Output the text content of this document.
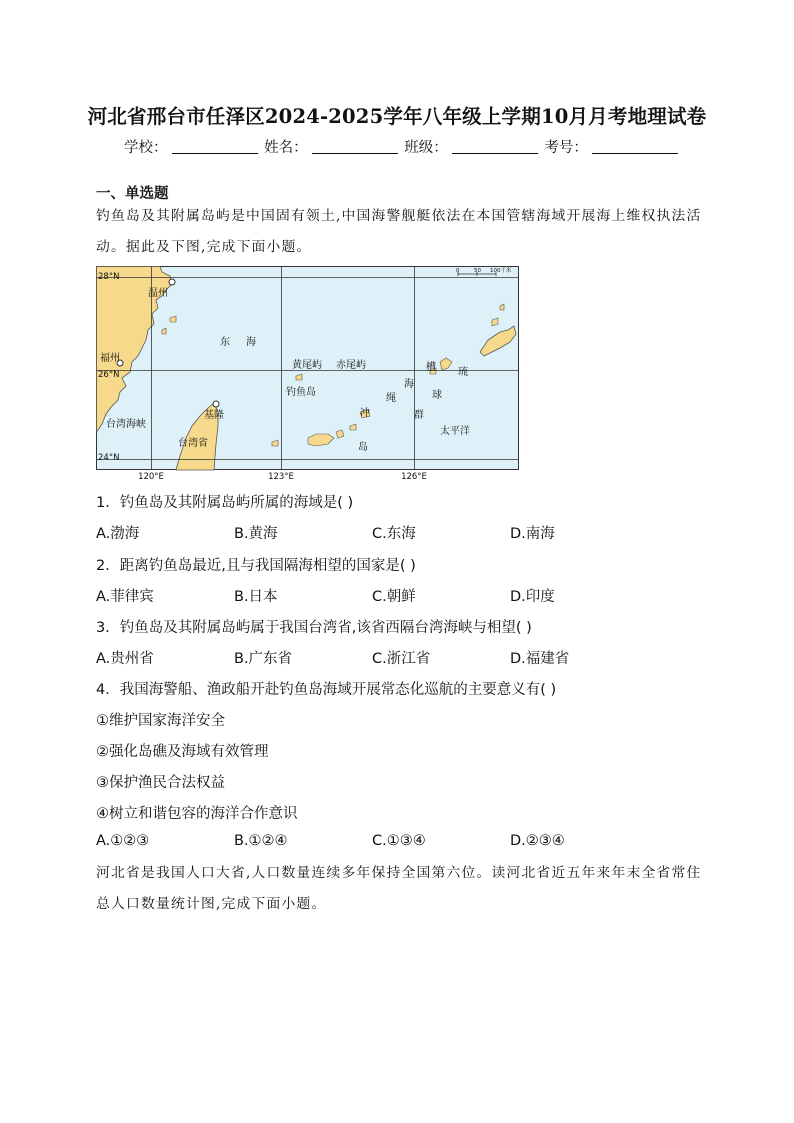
河北省邢台市任泽区2024-2025学年八年级上学期10月月考地理试卷
学校：	姓名：	班级：	考号：
一、单选题
钓鱼岛及其附属岛屿是中国固有领土,中国海警舰艇依法在本国管辖海域开展海上维权执法活动。据此及下图,完成下面小题。
28°N
26°N
24°N
120°E	123°E	126°E
0	50 100千米
温州
福州
东 海
黄尾屿 赤尾屿
钓鱼岛
台湾海峡
基隆
台湾省
槽
海
琉
球
绳
冲	群
岛
太平洋
1．钓鱼岛及其附属岛屿所属的海域是( )
A.渤海	B.黄海	C.东海	D.南海
2．距离钓鱼岛最近,且与我国隔海相望的国家是( )
A.菲律宾	B.日本	C.朝鲜	D.印度
3．钓鱼岛及其附属岛屿属于我国台湾省,该省西隔台湾海峡与相望( )
A.贵州省	B.广东省	C.浙江省	D.福建省
4．我国海警船、渔政船开赴钓鱼岛海域开展常态化巡航的主要意义有( )
①维护国家海洋安全
②强化岛礁及海域有效管理
③保护渔民合法权益
④树立和谐包容的海洋合作意识
A.①②③	B.①②④	C.①③④	D.②③④
河北省是我国人口大省,人口数量连续多年保持全国第六位。读河北省近五年来年末全省常住总人口数量统计图,完成下面小题。
